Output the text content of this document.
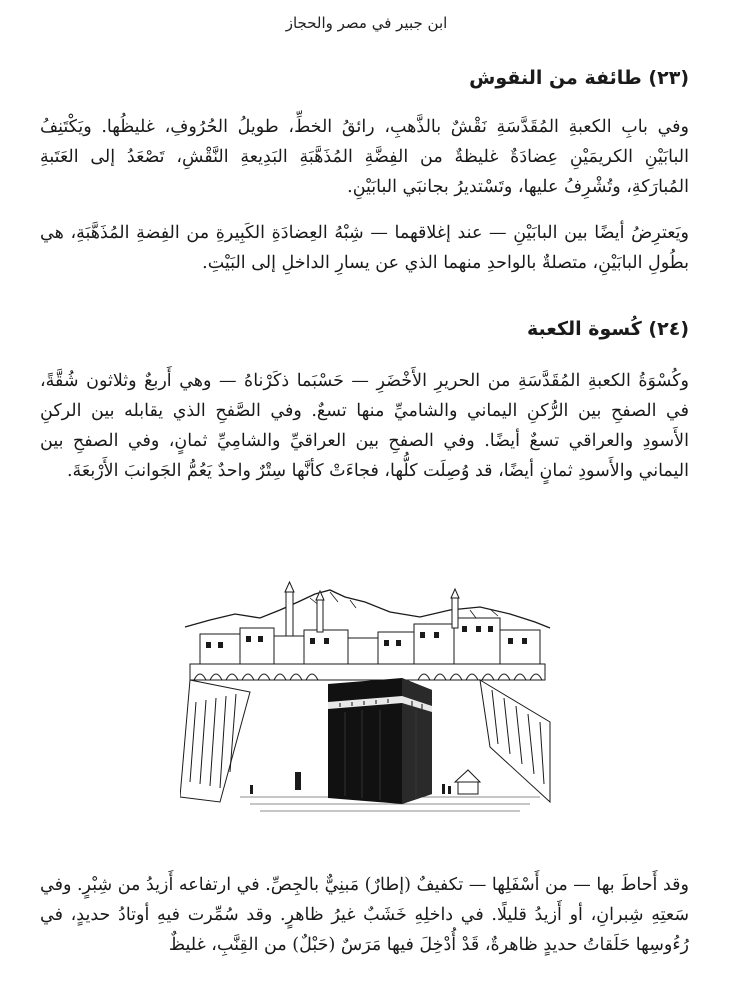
ابن جبير في مصر والحجاز
(٢٣) طائفة من النقوش
وفي بابِ الكعبةِ المُقَدَّسَةِ نَقْشٌ بالذَّهبِ، رائقُ الخطِّ، طويلُ الحُرُوفِ، غليظُها. ويَكْتَنِفُ البابَيْنِ الكريمَيْنِ عِضادَةٌ غليظةٌ من الفِضَّةِ المُذَهَّبَةِ البَدِيعةِ النَّقْشِ، تَصْعَدُ إلى العَتَبةِ المُبارَكةِ، وتُشْرِفُ عليها، وتَسْتديرُ بجانبَي البابَيْنِ.
ويَعترِضُ أيضًا بين البابَيْنِ — عند إغلاقهما — شِبْهُ العِضادَةِ الكَبِيرةِ من الفِضةِ المُذَهَّبَةِ، هي بطُولِ البابَيْنِ، متصلةٌ بالواحدِ منهما الذي عن يسارِ الداخلِ إلى البَيْتِ.
(٢٤) كُسوة الكعبة
وكُسْوَةُ الكعبةِ المُقَدَّسَةِ من الحريرِ الأَخْضَرِ — حَسْبَما ذكَرْناهُ — وهي أَربعٌ وثلاثون شُقَّةً، في الصفحِ بين الرُّكنِ اليماني والشاميِّ منها تسعٌ. وفي الصَّفحِ الذي يقابله بين الركنِ الأَسودِ والعراقي تسعٌ أيضًا. وفي الصفحِ بين العراقيِّ والشامِيِّ ثمانٍ، وفي الصفحِ بين اليماني والأَسودِ ثمانٍ أيضًا، قد وُصِلَت كلُّها، فجاءَتْ كأنَّها سِتْرٌ واحدٌ يَعُمُّ الجَوانبَ الأَرْبعَةَ.
وقد أَحاطَ بها — من أَسْفَلِها — تكفيفٌ (إطارٌ) مَبنِيٌّ بالجِصِّ. في ارتفاعه أَزيدُ من شِبْرٍ. وفي سَعتِهِ شِبرانِ، أو أَزيدُ قليلًا. في داخلِهِ خَشَبٌ غيرُ ظاهرٍ. وقد سُمِّرت فيهِ أوتادُ حديدٍ، في رُءُوسِها حَلَقاتُ حديدٍ ظاهرةٌ، قَدْ أُدْخِلَ فيها مَرَسٌ (حَبْلٌ) من القِنَّبِ، غليظٌ
